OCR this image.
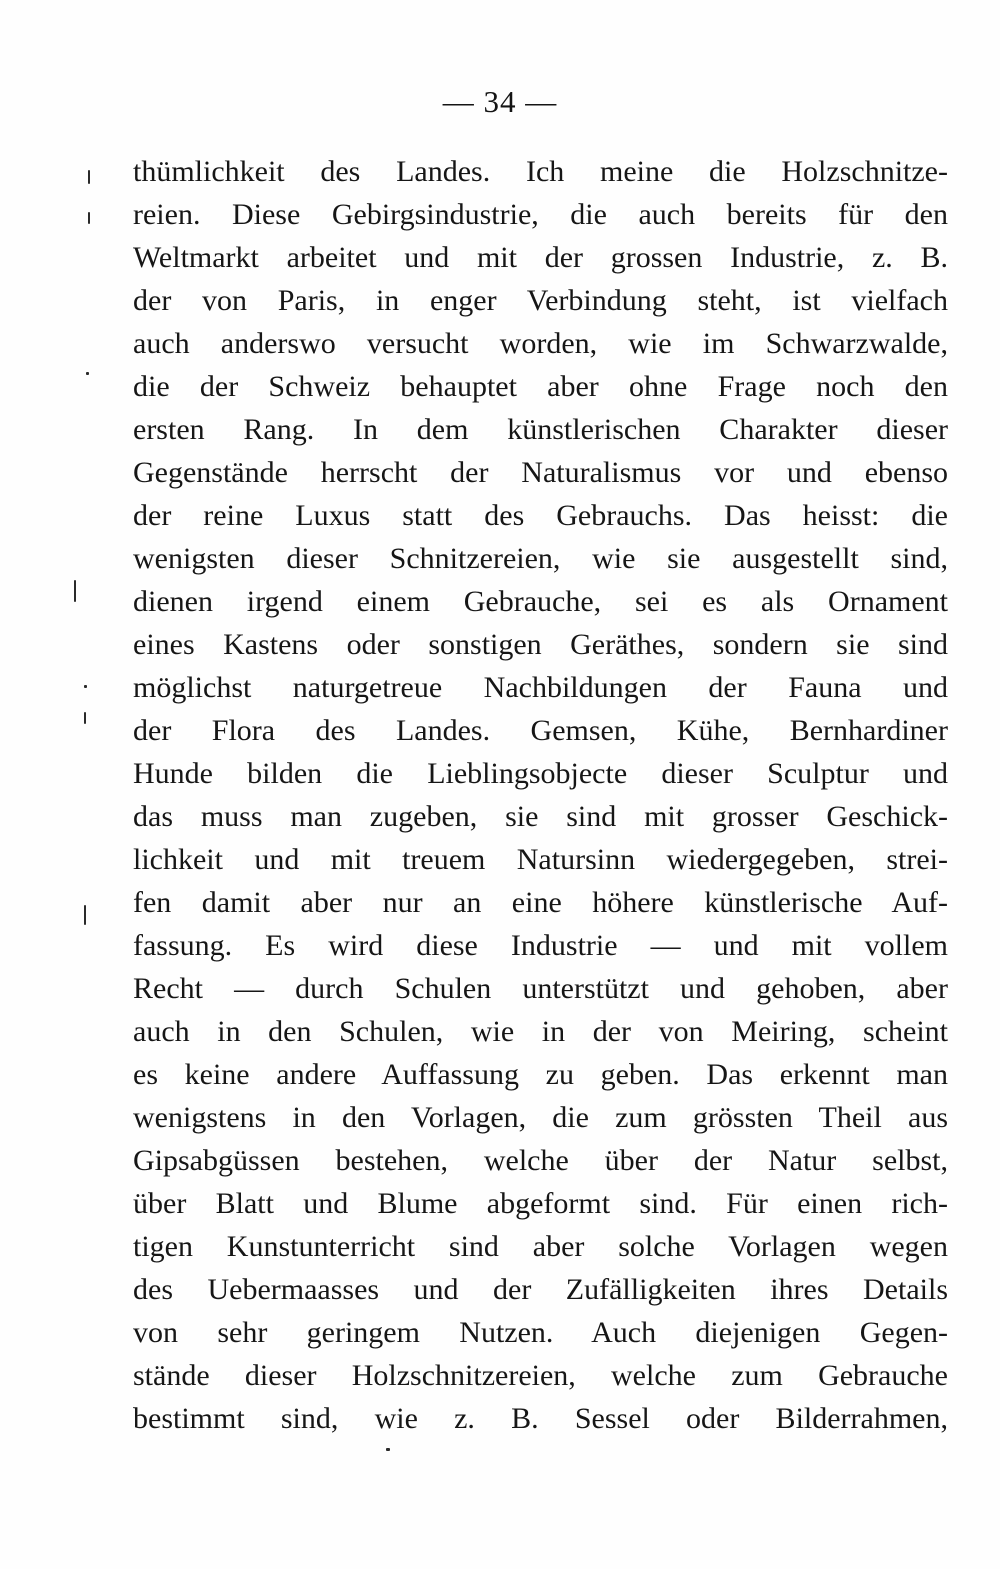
— 34 —
thümlichkeit des Landes. Ich meine die Holzschnitze-
reien. Diese Gebirgsindustrie, die auch bereits für den
Weltmarkt arbeitet und mit der grossen Industrie, z. B.
der von Paris, in enger Verbindung steht, ist vielfach
auch anderswo versucht worden, wie im Schwarzwalde,
die der Schweiz behauptet aber ohne Frage noch den
ersten Rang. In dem künstlerischen Charakter dieser
Gegenstände herrscht der Naturalismus vor und ebenso
der reine Luxus statt des Gebrauchs. Das heisst: die
wenigsten dieser Schnitzereien, wie sie ausgestellt sind,
dienen irgend einem Gebrauche, sei es als Ornament
eines Kastens oder sonstigen Geräthes, sondern sie sind
möglichst naturgetreue Nachbildungen der Fauna und
der Flora des Landes. Gemsen, Kühe, Bernhardiner
Hunde bilden die Lieblingsobjecte dieser Sculptur und
das muss man zugeben, sie sind mit grosser Geschick-
lichkeit und mit treuem Natursinn wiedergegeben, strei-
fen damit aber nur an eine höhere künstlerische Auf-
fassung. Es wird diese Industrie — und mit vollem
Recht — durch Schulen unterstützt und gehoben, aber
auch in den Schulen, wie in der von Meiring, scheint
es keine andere Auffassung zu geben. Das erkennt man
wenigstens in den Vorlagen, die zum grössten Theil aus
Gipsabgüssen bestehen, welche über der Natur selbst,
über Blatt und Blume abgeformt sind. Für einen rich-
tigen Kunstunterricht sind aber solche Vorlagen wegen
des Uebermaasses und der Zufälligkeiten ihres Details
von sehr geringem Nutzen. Auch diejenigen Gegen-
stände dieser Holzschnitzereien, welche zum Gebrauche
bestimmt sind, wie z. B. Sessel oder Bilderrahmen,
